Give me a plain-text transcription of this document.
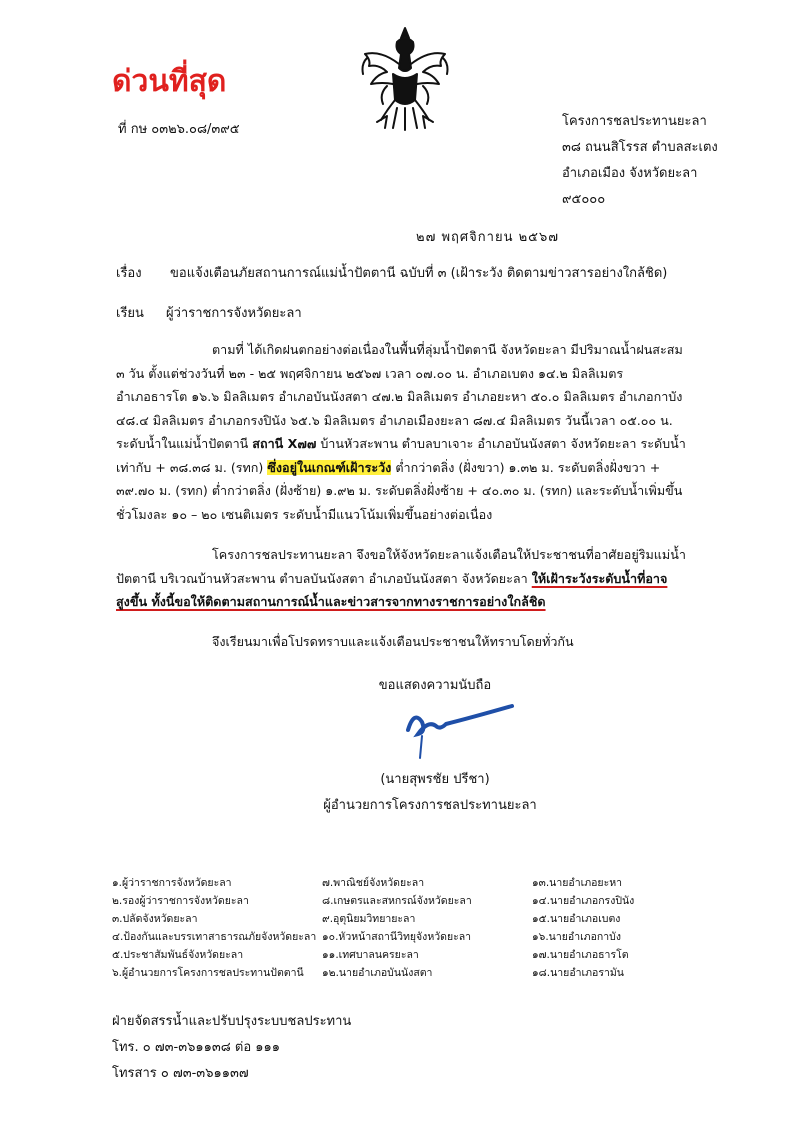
ด่วนที่สุด
ที่ กษ ๐๓๒๖.๐๘/๓๙๕
โครงการชลประทานยะลา
๓๘ ถนนสิโรรส ตำบลสะเตง
อำเภอเมือง จังหวัดยะลา
๙๕๐๐๐
๒๗ พฤศจิกายน ๒๕๖๗
เรื่อง ขอแจ้งเตือนภัยสถานการณ์แม่น้ำปัตตานี ฉบับที่ ๓ (เฝ้าระวัง ติดตามข่าวสารอย่างใกล้ชิด)
เรียน ผู้ว่าราชการจังหวัดยะลา
ตามที่ ได้เกิดฝนตกอย่างต่อเนื่องในพื้นที่ลุ่มน้ำปัตตานี จังหวัดยะลา มีปริมาณน้ำฝนสะสม
๓ วัน ตั้งแต่ช่วงวันที่ ๒๓ - ๒๕ พฤศจิกายน ๒๕๖๗ เวลา ๐๗.๐๐ น. อำเภอเบตง ๑๔.๒ มิลลิเมตร
อำเภอธารโต ๑๖.๖ มิลลิเมตร อำเภอบันนังสตา ๔๗.๒ มิลลิเมตร อำเภอยะหา ๕๐.๐ มิลลิเมตร อำเภอกาบัง
๔๘.๔ มิลลิเมตร อำเภอกรงปินัง ๖๕.๖ มิลลิเมตร อำเภอเมืองยะลา ๘๗.๔ มิลลิเมตร วันนี้เวลา ๐๕.๐๐ น.
ระดับน้ำในแม่น้ำปัตตานี สถานี X๗๗ บ้านหัวสะพาน ตำบลบาเจาะ อำเภอบันนังสตา จังหวัดยะลา ระดับน้ำ
เท่ากับ + ๓๘.๓๘ ม. (รทก) ซึ่งอยู่ในเกณฑ์เฝ้าระวัง ต่ำกว่าตลิ่ง (ฝั่งขวา) ๑.๓๒ ม. ระดับตลิ่งฝั่งขวา +
๓๙.๗๐ ม. (รทก) ต่ำกว่าตลิ่ง (ฝั่งซ้าย) ๑.๙๒ ม. ระดับตลิ่งฝั่งซ้าย + ๔๐.๓๐ ม. (รทก) และระดับน้ำเพิ่มขึ้น
ชั่วโมงละ ๑๐ – ๒๐ เซนติเมตร ระดับน้ำมีแนวโน้มเพิ่มขึ้นอย่างต่อเนื่อง
โครงการชลประทานยะลา จึงขอให้จังหวัดยะลาแจ้งเตือนให้ประชาชนที่อาศัยอยู่ริมแม่น้ำ
ปัตตานี บริเวณบ้านหัวสะพาน ตำบลบันนังสตา อำเภอบันนังสตา จังหวัดยะลา ให้เฝ้าระวังระดับน้ำที่อาจ
สูงขึ้น ทั้งนี้ขอให้ติดตามสถานการณ์น้ำและข่าวสารจากทางราชการอย่างใกล้ชิด
จึงเรียนมาเพื่อโปรดทราบและแจ้งเตือนประชาชนให้ทราบโดยทั่วกัน
ขอแสดงความนับถือ
(นายสุพรชัย ปรีชา)
ผู้อำนวยการโครงการชลประทานยะลา
๑.ผู้ว่าราชการจังหวัดยะลา
๒.รองผู้ว่าราชการจังหวัดยะลา
๓.ปลัดจังหวัดยะลา
๔.ป้องกันและบรรเทาสาธารณภัยจังหวัดยะลา
๕.ประชาสัมพันธ์จังหวัดยะลา
๖.ผู้อำนวยการโครงการชลประทานปัตตานี
๗.พาณิชย์จังหวัดยะลา
๘.เกษตรและสหกรณ์จังหวัดยะลา
๙.อุตุนิยมวิทยายะลา
๑๐.หัวหน้าสถานีวิทยุจังหวัดยะลา
๑๑.เทศบาลนครยะลา
๑๒.นายอำเภอบันนังสตา
๑๓.นายอำเภอยะหา
๑๔.นายอำเภอกรงปินัง
๑๕.นายอำเภอเบตง
๑๖.นายอำเภอกาบัง
๑๗.นายอำเภอธารโต
๑๘.นายอำเภอรามัน
ฝ่ายจัดสรรน้ำและปรับปรุงระบบชลประทาน
โทร. ๐ ๗๓-๓๖๑๑๓๘ ต่อ ๑๑๑
โทรสาร ๐ ๗๓-๓๖๑๑๓๗
